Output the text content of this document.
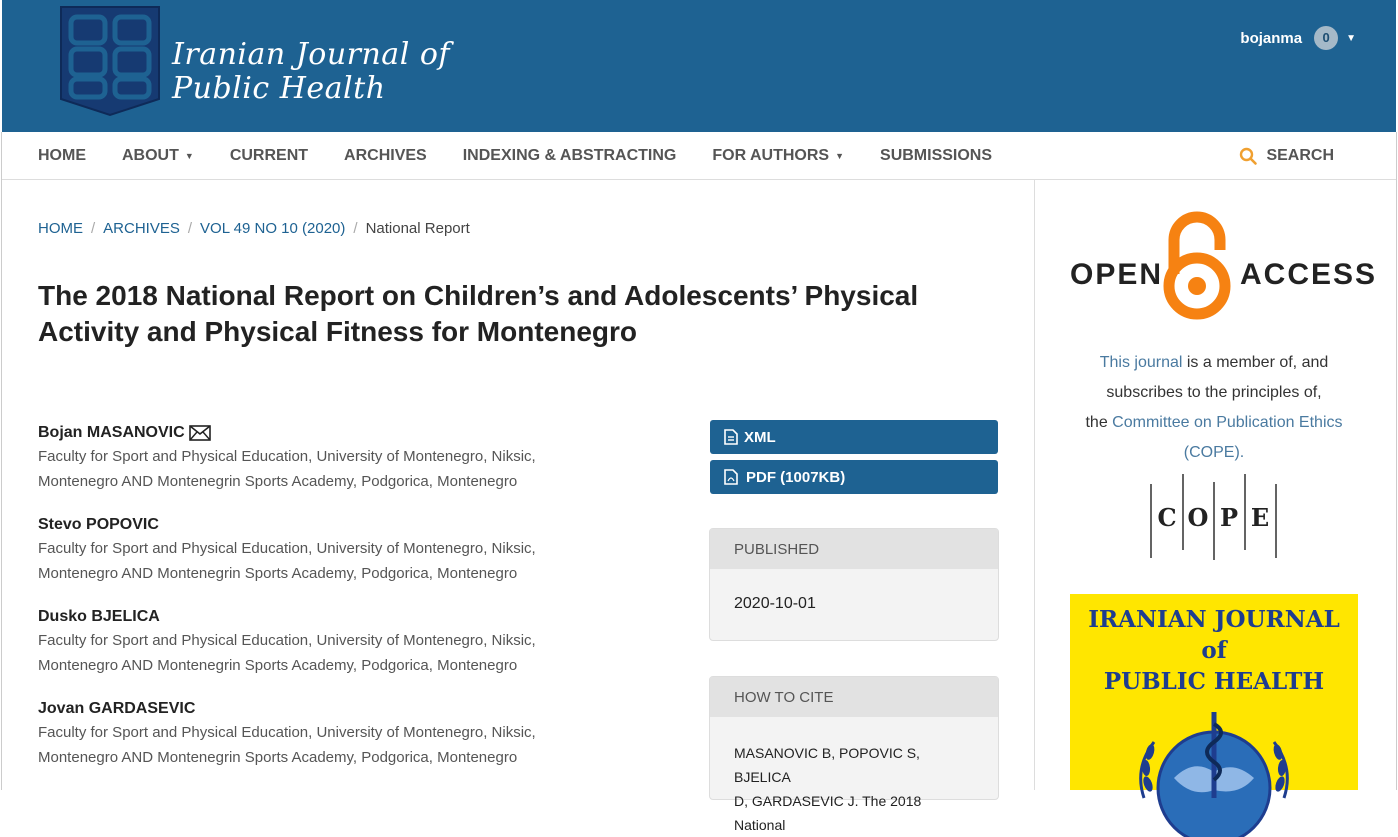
Iranian Journal of
Public Health
bojanma	0	▼
HOME ABOUT ▼ CURRENT ARCHIVES INDEXING & ABSTRACTING FOR AUTHORS ▼ SUBMISSIONS	SEARCH
HOME / ARCHIVES / VOL 49 NO 10 (2020) / National Report
The 2018 National Report on Children’s and Adolescents’ Physical Activity and Physical Fitness for Montenegro
Bojan MASANOVIC
Faculty for Sport and Physical Education, University of Montenegro, Niksic,
Montenegro AND Montenegrin Sports Academy, Podgorica, Montenegro
Stevo POPOVIC
Faculty for Sport and Physical Education, University of Montenegro, Niksic,
Montenegro AND Montenegrin Sports Academy, Podgorica, Montenegro
Dusko BJELICA
Faculty for Sport and Physical Education, University of Montenegro, Niksic,
Montenegro AND Montenegrin Sports Academy, Podgorica, Montenegro
Jovan GARDASEVIC
Faculty for Sport and Physical Education, University of Montenegro, Niksic,
Montenegro AND Montenegrin Sports Academy, Podgorica, Montenegro
XML
PDF (1007KB)
PUBLISHED
2020-10-01
HOW TO CITE
MASANOVIC B, POPOVIC S, BJELICA
D, GARDASEVIC J. The 2018 National
OPEN	ACCESS
This journal is a member of, and
subscribes to the principles of,
the Committee on Publication Ethics
(COPE).
C O P E
IRANIAN JOURNAL
of
PUBLIC HEALTH
